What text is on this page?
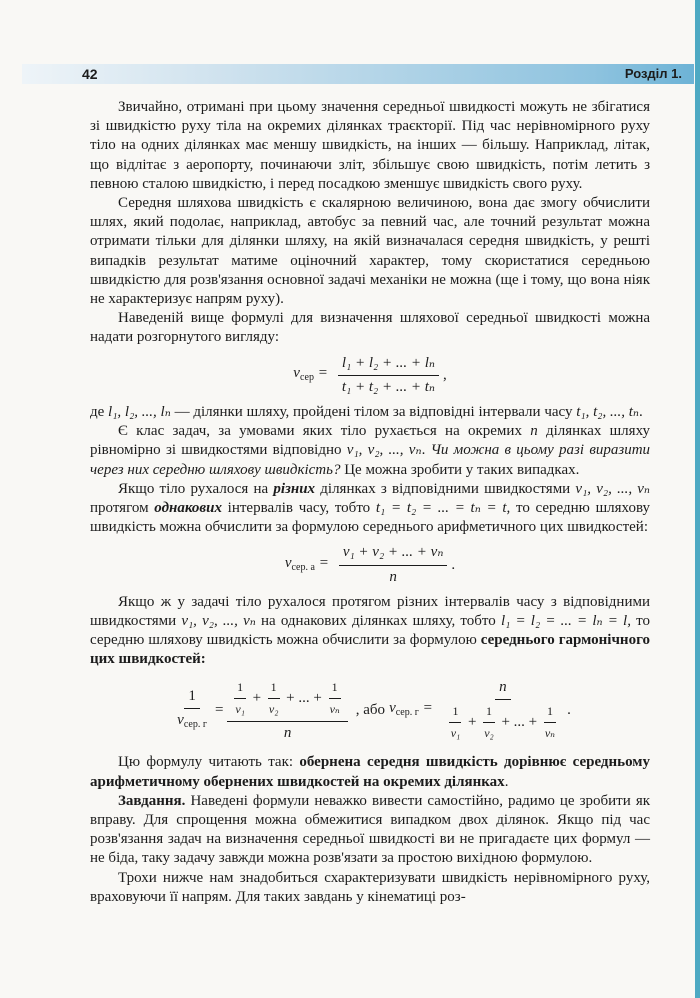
42	Розділ 1.

Звичайно, отримані при цьому значення середньої швидкості можуть не збігатися зі швидкістю руху тіла на окремих ділянках траєкторії. Під час нерівномірного руху тіло на одних ділянках має меншу швидкість, на інших — більшу. Наприклад, літак, що відлітає з аеропорту, починаючи зліт, збільшує свою швидкість, потім летить з певною сталою швидкістю, і перед посадкою зменшує швидкість свого руху.

Середня шляхова швидкість є скалярною величиною, вона дає змогу обчислити шлях, який подолає, наприклад, автобус за певний час, але точний результат можна отримати тільки для ділянки шляху, на якій визначалася середня швидкість, у решті випадків результат матиме оціночний характер, тому скористатися середньою швидкістю для розв'язання основної задачі механіки не можна (ще і тому, що вона ніяк не характеризує напрям руху).

Наведеній вище формулі для визначення шляхової середньої швидкості можна надати розгорнутого вигляду:

$v_{сер} = \frac{\text{l₁ + l₂ + ... + lₙ}}{\text{t₁ + t₂ + ... + tₙ}}$ ,

де l₁, l₂, ..., lₙ — ділянки шляху, пройдені тілом за відповідні інтервали часу t₁, t₂, ..., tₙ.

Є клас задач, за умовами яких тіло рухається на окремих n ділянках шляху рівномірно зі швидкостями відповідно v₁, v₂, ..., vₙ. Чи можна в цьому разі виразити через них середню шляхову швидкість? Це можна зробити у таких випадках.

Якщо тіло рухалося на різних ділянках з відповідними швидкостями v₁, v₂, ..., vₙ протягом однакових інтервалів часу, тобто t₁ = t₂ = ... = tₙ = t, то середню шляхову швидкість можна обчислити за формулою середнього арифметичного цих швидкостей:

$v_{сер. а} = \frac{\text{v₁ + v₂ + ... + vₙ}}{n}$ .

Якщо ж у задачі тіло рухалося протягом різних інтервалів часу з відповідними швидкостями v₁, v₂, ..., vₙ на однакових ділянках шляху, тобто l₁ = l₂ = ... = lₙ = l, то середню шляхову швидкість можна обчислити за формулою середнього гармонічного цих швидкостей:

$\frac{1}{v_{сер. г}} = \frac{1}{\text{v₁}} + \frac{1}{\text{v₂}}$ + ... + $\frac{1}{\text{vₙ}}$
n
, або $v_{сер. г}$ =
n
$\frac{1}{\text{v₁}} + \frac{1}{\text{v₂}}$ + ... + $\frac{1}{\text{vₙ}}$ .

Цю формулу читають так: обернена середня швидкість дорівнює середньому арифметичному обернених швидкостей на окремих ділянках.

Завдання. Наведені формули неважко вивести самостійно, радимо це зробити як вправу. Для спрощення можна обмежитися випадком двох ділянок. Якщо під час розв'язання задач на визначення середньої швидкості ви не пригадаєте цих формул — не біда, таку задачу завжди можна розв'язати за простою вихідною формулою.

Трохи нижче нам знадобиться схарактеризувати швидкість нерівномірного руху, враховуючи її напрям. Для таких завдань у кінематиці роз-
